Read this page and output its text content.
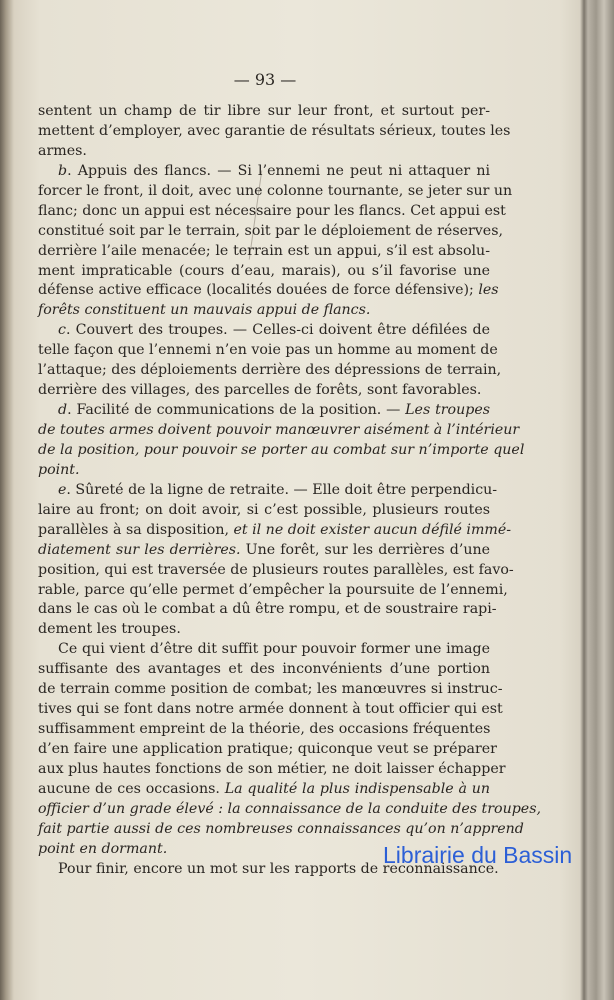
— 93 —
sentent un champ de tir libre sur leur front, et surtout per-
mettent d’employer, avec garantie de résultats sérieux, toutes les
armes.
b. Appuis des flancs. — Si l’ennemi ne peut ni attaquer ni
forcer le front, il doit, avec une colonne tournante, se jeter sur un
flanc; donc un appui est nécessaire pour les flancs. Cet appui est
constitué soit par le terrain, soit par le déploiement de réserves,
derrière l’aile menacée; le terrain est un appui, s’il est absolu-
ment impraticable (cours d’eau, marais), ou s’il favorise une
défense active efficace (localités douées de force défensive); les
forêts constituent un mauvais appui de flancs.
c. Couvert des troupes. — Celles-ci doivent être défilées de
telle façon que l’ennemi n’en voie pas un homme au moment de
l’attaque; des déploiements derrière des dépressions de terrain,
derrière des villages, des parcelles de forêts, sont favorables.
d. Facilité de communications de la position. — Les troupes
de toutes armes doivent pouvoir manœuvrer aisément à l’intérieur
de la position, pour pouvoir se porter au combat sur n’importe quel
point.
e. Sûreté de la ligne de retraite. — Elle doit être perpendicu-
laire au front; on doit avoir, si c’est possible, plusieurs routes
parallèles à sa disposition, et il ne doit exister aucun défilé immé-
diatement sur les derrières. Une forêt, sur les derrières d’une
position, qui est traversée de plusieurs routes parallèles, est favo-
rable, parce qu’elle permet d’empêcher la poursuite de l’ennemi,
dans le cas où le combat a dû être rompu, et de soustraire rapi-
dement les troupes.
Ce qui vient d’être dit suffit pour pouvoir former une image
suffisante des avantages et des inconvénients d’une portion
de terrain comme position de combat; les manœuvres si instruc-
tives qui se font dans notre armée donnent à tout officier qui est
suffisamment empreint de la théorie, des occasions fréquentes
d’en faire une application pratique; quiconque veut se préparer
aux plus hautes fonctions de son métier, ne doit laisser échapper
aucune de ces occasions. La qualité la plus indispensable à un
officier d’un grade élevé : la connaissance de la conduite des troupes,
fait partie aussi de ces nombreuses connaissances qu’on n’apprend
point en dormant.
Pour finir, encore un mot sur les rapports de reconnaissance.
Librairie du Bassin
